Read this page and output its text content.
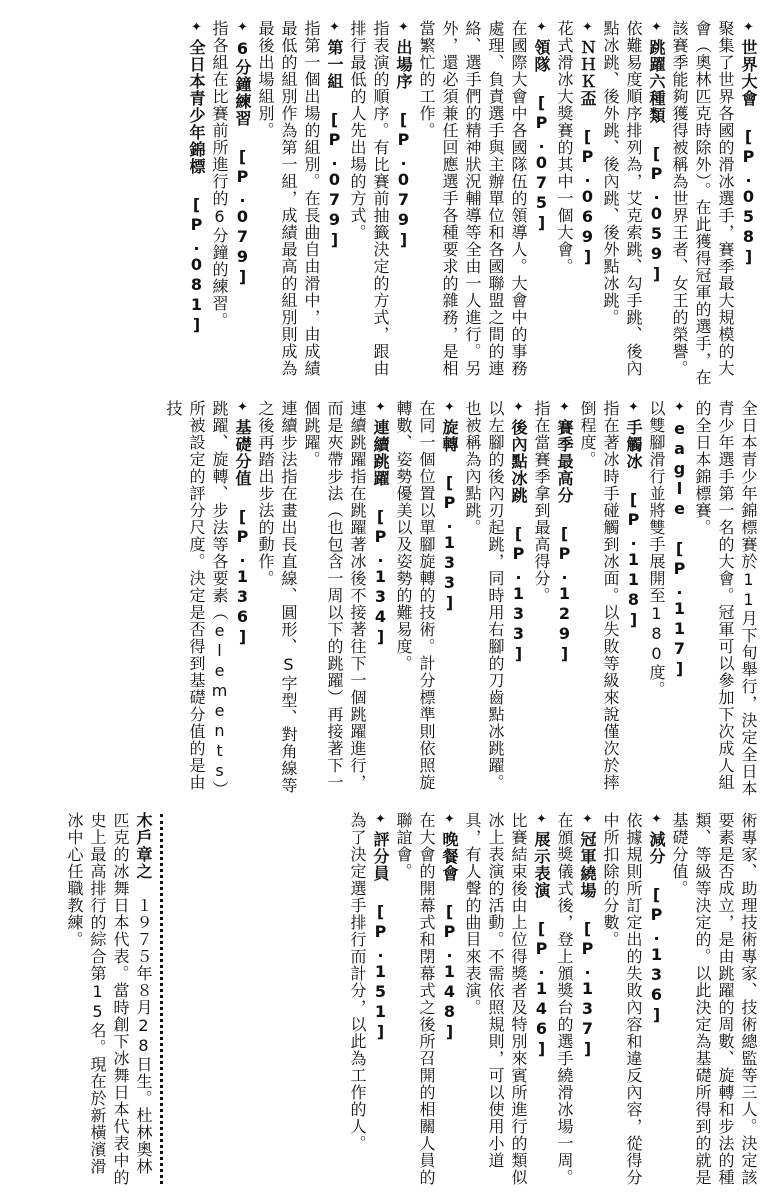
✦世界大會 [P.058]

聚集了世界各國的滑冰選手，賽季最大規模的大會（奧林匹克時除外）。在此獲得冠軍的選手，在該賽季能夠獲得被稱為世界王者、女王的榮譽。

✦跳躍六種類 [P.059]

依難易度順序排列為，艾克索跳、勾手跳、後內點冰跳、後外跳、後內跳、後外點冰跳。

✦ＮＨＫ盃 [P.069]

花式滑冰大獎賽的其中一個大會。

✦領隊 [P.075]

在國際大會中各國隊伍的領導人。大會中的事務處理、負責選手與主辦單位和各國聯盟之間的連絡、選手們的精神狀況輔導等全由一人進行。另外，還必須兼任回應選手各種要求的雜務，是相當繁忙的工作。

✦出場序 [P.079]

指表演的順序。有比賽前抽籤決定的方式，跟由排行最低的人先出場的方式。

✦第一組 [P.079]

指第一個出場的組別。在長曲自由滑中，由成績最低的組別作為第一組，成績最高的組別則成為最後出場組別。

✦6分鐘練習 [P.079]

指各組在比賽前所進行的6分鐘的練習。

✦全日本青少年錦標 [P.081]

全日本青少年錦標賽於11月下旬舉行，決定全日本青少年選手第一名的大會。冠軍可以參加下次成人組的全日本錦標賽。

✦eagle [P.117]

以雙腳滑行並將雙手展開至180度。

✦手觸冰 [P.118]

指在著冰時手碰觸到冰面。以失敗等級來說僅次於摔倒程度。

✦賽季最高分 [P.129]

指在當賽季拿到最高得分。

✦後內點冰跳 [P.133]

以左腳的後內刃起跳，同時用右腳的刀齒點冰跳躍。也被稱為內點跳。

✦旋轉 [P.133]

在同一個位置以單腳旋轉的技術。計分標準則依照旋轉數、姿勢優美以及姿勢的難易度。

✦連續跳躍 [P.134]

連續跳躍指在跳躍著冰後不接著往下一個跳躍進行，而是夾帶步法（也包含一周以下的跳躍）再接著下一個跳躍。

連續步法指在畫出長直線、圓形、S字型、對角線等之後再踏出步法的動作。

✦基礎分值 [P.136]

跳躍、旋轉、步法等各要素（elements）所被設定的評分尺度。決定是否得到基礎分值的是由技

術專家、助理技術專家、技術總監等三人。決定該要素是否成立，是由跳躍的周數、旋轉和步法的種類、等級等決定的。以此決定為基礎所得到的就是基礎分值。

✦減分 [P.136]

依據規則所訂定出的失敗內容和違反內容，從得分中所扣除的分數。

✦冠軍繞場 [P.137]

在頒獎儀式後，登上頒獎台的選手繞滑冰場一周。

✦展示表演 [P.146]

比賽結束後由上位得獎者及特別來賓所進行的類似冰上表演的活動。不需依照規則，可以使用小道具，有人聲的曲目來表演。

✦晚餐會 [P.148]

在大會的開幕式和閉幕式之後所召開的相關人員的聯誼會。

✦評分員 [P.151]

為了決定選手排行而計分，以此為工作的人。

木戶章之　１９７５年８月28日生。杜林奧林匹克的冰舞日本代表。當時創下冰舞日本代表中的史上最高排行的綜合第15名。現在於新橫濱滑冰中心任職教練。
